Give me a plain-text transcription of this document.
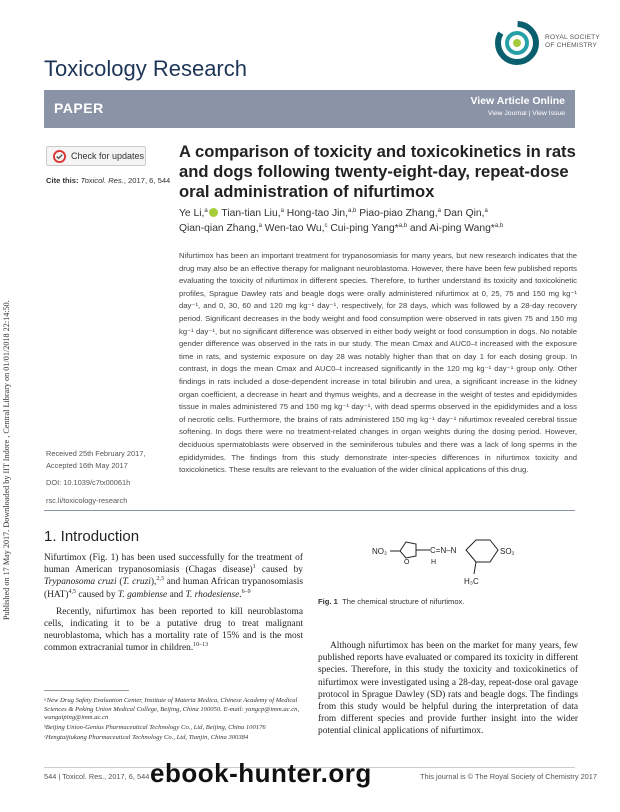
Published on 17 May 2017. Downloaded by IIT Indore , Central Library on 01/01/2018 22:14:50.
Toxicology Research
ROYAL SOCIETY
OF CHEMISTRY
PAPER	View Article Online
View Journal | View Issue
Check for updates
Cite this: Toxicol. Res., 2017, 6, 544
A comparison of toxicity and toxicokinetics in rats and dogs following twenty-eight-day, repeat-dose oral administration of nifurtimox
Ye Li,$^a$ Tian-tian Liu,$^a$ Hong-tao Jin,$^{a,b}$ Piao-piao Zhang,$^a$ Dan Qin,$^a$
Qian-qian Zhang,$^a$ Wen-tao Wu,$^c$ Cui-ping Yang*$^{a,b}$ and Ai-ping Wang*$^{a,b}$
Nifurtimox has been an important treatment for trypanosomiasis for many years, but new research indicates that the drug may also be an effective therapy for malignant neuroblastoma. However, there have been few published reports evaluating the toxicity of nifurtimox in different species. Therefore, to further understand its toxicity and toxicokinetic profiles, Sprague Dawley rats and beagle dogs were orally administered nifurtimox at 0, 25, 75 and 150 mg kg⁻¹ day⁻¹, and 0, 30, 60 and 120 mg kg⁻¹ day⁻¹, respectively, for 28 days, which was followed by a 28-day recovery period. Significant decreases in the body weight and food consumption were observed in rats given 75 and 150 mg kg⁻¹ day⁻¹, but no significant difference was observed in either body weight or food consumption in dogs. No notable gender difference was observed in the rats in our study. The mean Cmax and AUC0–t increased with the exposure time in rats, and systemic exposure on day 28 was notably higher than that on day 1 for each dosing group. In contrast, in dogs the mean Cmax and AUC0–t increased significantly in the 120 mg kg⁻¹ day⁻¹ group only. Other findings in rats included a dose-dependent increase in total bilirubin and urea, a significant increase in the kidney organ coefficient, a decrease in heart and thymus weights, and a decrease in the weight of testes and epididymides tissue in males administered 75 and 150 mg kg⁻¹ day⁻¹, with dead sperms observed in the epididymides and a loss of necrotic cells. Furthermore, the brains of rats administered 150 mg kg⁻¹ day⁻¹ nifurtimox revealed cerebral tissue softening. In dogs there were no treatment-related changes in organ weights during the dosing period. However, deciduous spermatoblasts were observed in the seminiferous tubules and there was a lack of long sperms in the epididymides. The findings from this study demonstrate inter-species differences in nifurtimox toxicity and toxicokinetics. These results are relevant to the evaluation of the wider clinical applications of this drug.
Received 25th February 2017,
Accepted 16th May 2017
DOI: 10.1039/c7tx00061h
rsc.li/toxicology-research
1. Introduction

Nifurtimox (Fig. 1) has been used successfully for the treatment of human American trypanosomiasis (Chagas disease)$^1$ caused by Trypanosoma cruzi (T. cruzi),$^{2,3}$ and human African trypanosomiasis (HAT)$^{4,5}$ caused by T. gambiense and T. rhodesiense.$^{6-9}$

Recently, nifurtimox has been reported to kill neuroblastoma cells, indicating it to be a putative drug to treat malignant neuroblastoma, which has a mortality rate of 15% and is the most common extracranial tumor in children.$^{10-13}$

NO₂
O
C=N–N
H
SO₂
H₃C
Fig. 1 The chemical structure of nifurtimox.

Although nifurtimox has been on the market for many years, few published reports have evaluated or compared its toxicity in different species. Therefore, in this study the toxicity and toxicokinetics of nifurtimox were investigated using a 28-day, repeat-dose oral gavage protocol in Sprague Dawley (SD) rats and beagle dogs. The findings from this study would be helpful during the interpretation of data from different species and provide further insight into the wider potential clinical applications of nifurtimox.

ᵃNew Drug Safety Evaluation Center, Institute of Materia Medica, Chinese Academy of Medical Sciences & Peking Union Medical College, Beijing, China 100050. E-mail: yangcp@imm.ac.cn, wangaiping@imm.ac.cn

ᵇBeijing Union-Genius Pharmaceutical Technology Co., Ltd, Beijing, China 100176

ᶜHengtaijiukang Pharmaceutical Technology Co., Ltd, Tianjin, China 300384

544 | Toxicol. Res., 2017, 6, 544	This journal is © The Royal Society of Chemistry 2017
ebook-hunter.org
